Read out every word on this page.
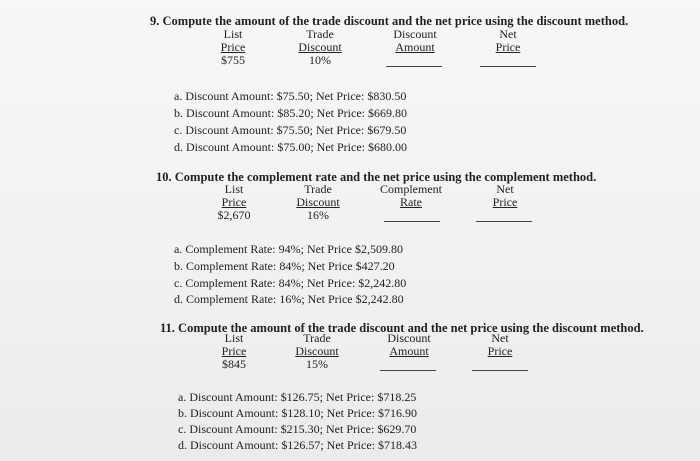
9. Compute the amount of the trade discount and the net price using the discount method.
List
Price
$755
Trade
Discount
10%
Discount
Amount
Net
Price
a. Discount Amount: $75.50; Net Price: $830.50
b. Discount Amount: $85.20; Net Price: $669.80
c. Discount Amount: $75.50; Net Price: $679.50
d. Discount Amount: $75.00; Net Price: $680.00
10. Compute the complement rate and the net price using the complement method.
List
Price
$2,670
Trade
Discount
16%
Complement
Rate
Net
Price
a. Complement Rate: 94%; Net Price $2,509.80
b. Complement Rate: 84%; Net Price $427.20
c. Complement Rate: 84%; Net Price: $2,242.80
d. Complement Rate: 16%; Net Price $2,242.80
11. Compute the amount of the trade discount and the net price using the discount method.
List
Price
$845
Trade
Discount
15%
Discount
Amount
Net
Price
a. Discount Amount: $126.75; Net Price: $718.25
b. Discount Amount: $128.10; Net Price: $716.90
c. Discount Amount: $215.30; Net Price: $629.70
d. Discount Amount: $126.57; Net Price: $718.43
